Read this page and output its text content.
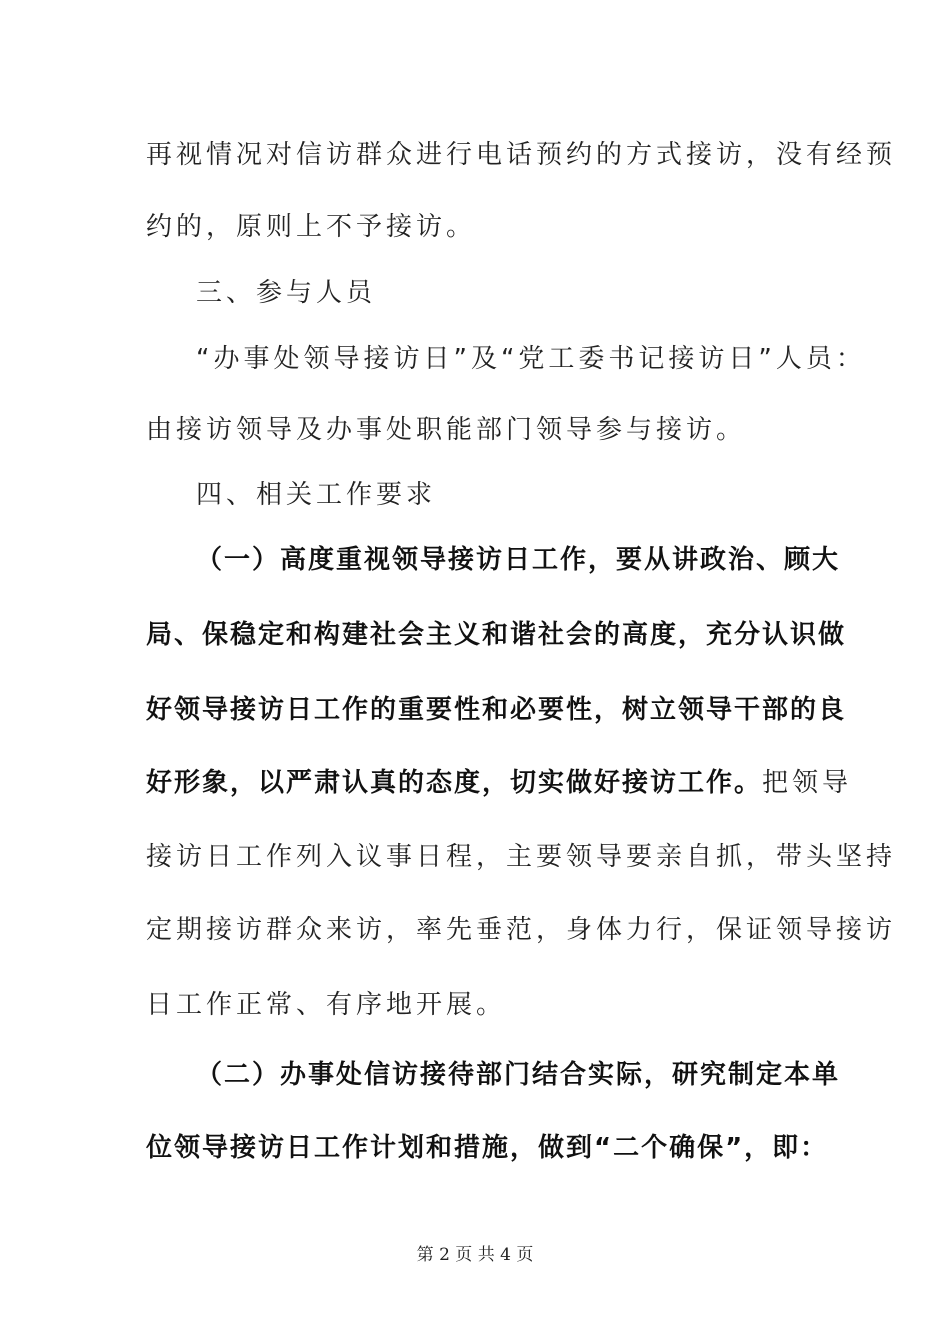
再视情况对信访群众进行电话预约的方式接访，没有经预

约的，原则上不予接访。

三、参与人员

“办事处领导接访日”及“党工委书记接访日”人员：

由接访领导及办事处职能部门领导参与接访。

四、相关工作要求

（一）高度重视领导接访日工作，要从讲政治、顾大

局、保稳定和构建社会主义和谐社会的高度，充分认识做

好领导接访日工作的重要性和必要性，树立领导干部的良

好形象，以严肃认真的态度，切实做好接访工作。把领导

接访日工作列入议事日程，主要领导要亲自抓，带头坚持

定期接访群众来访，率先垂范，身体力行，保证领导接访

日工作正常、有序地开展。

（二）办事处信访接待部门结合实际，研究制定本单

位领导接访日工作计划和措施，做到“二个确保”，即：

第 2 页 共 4 页
